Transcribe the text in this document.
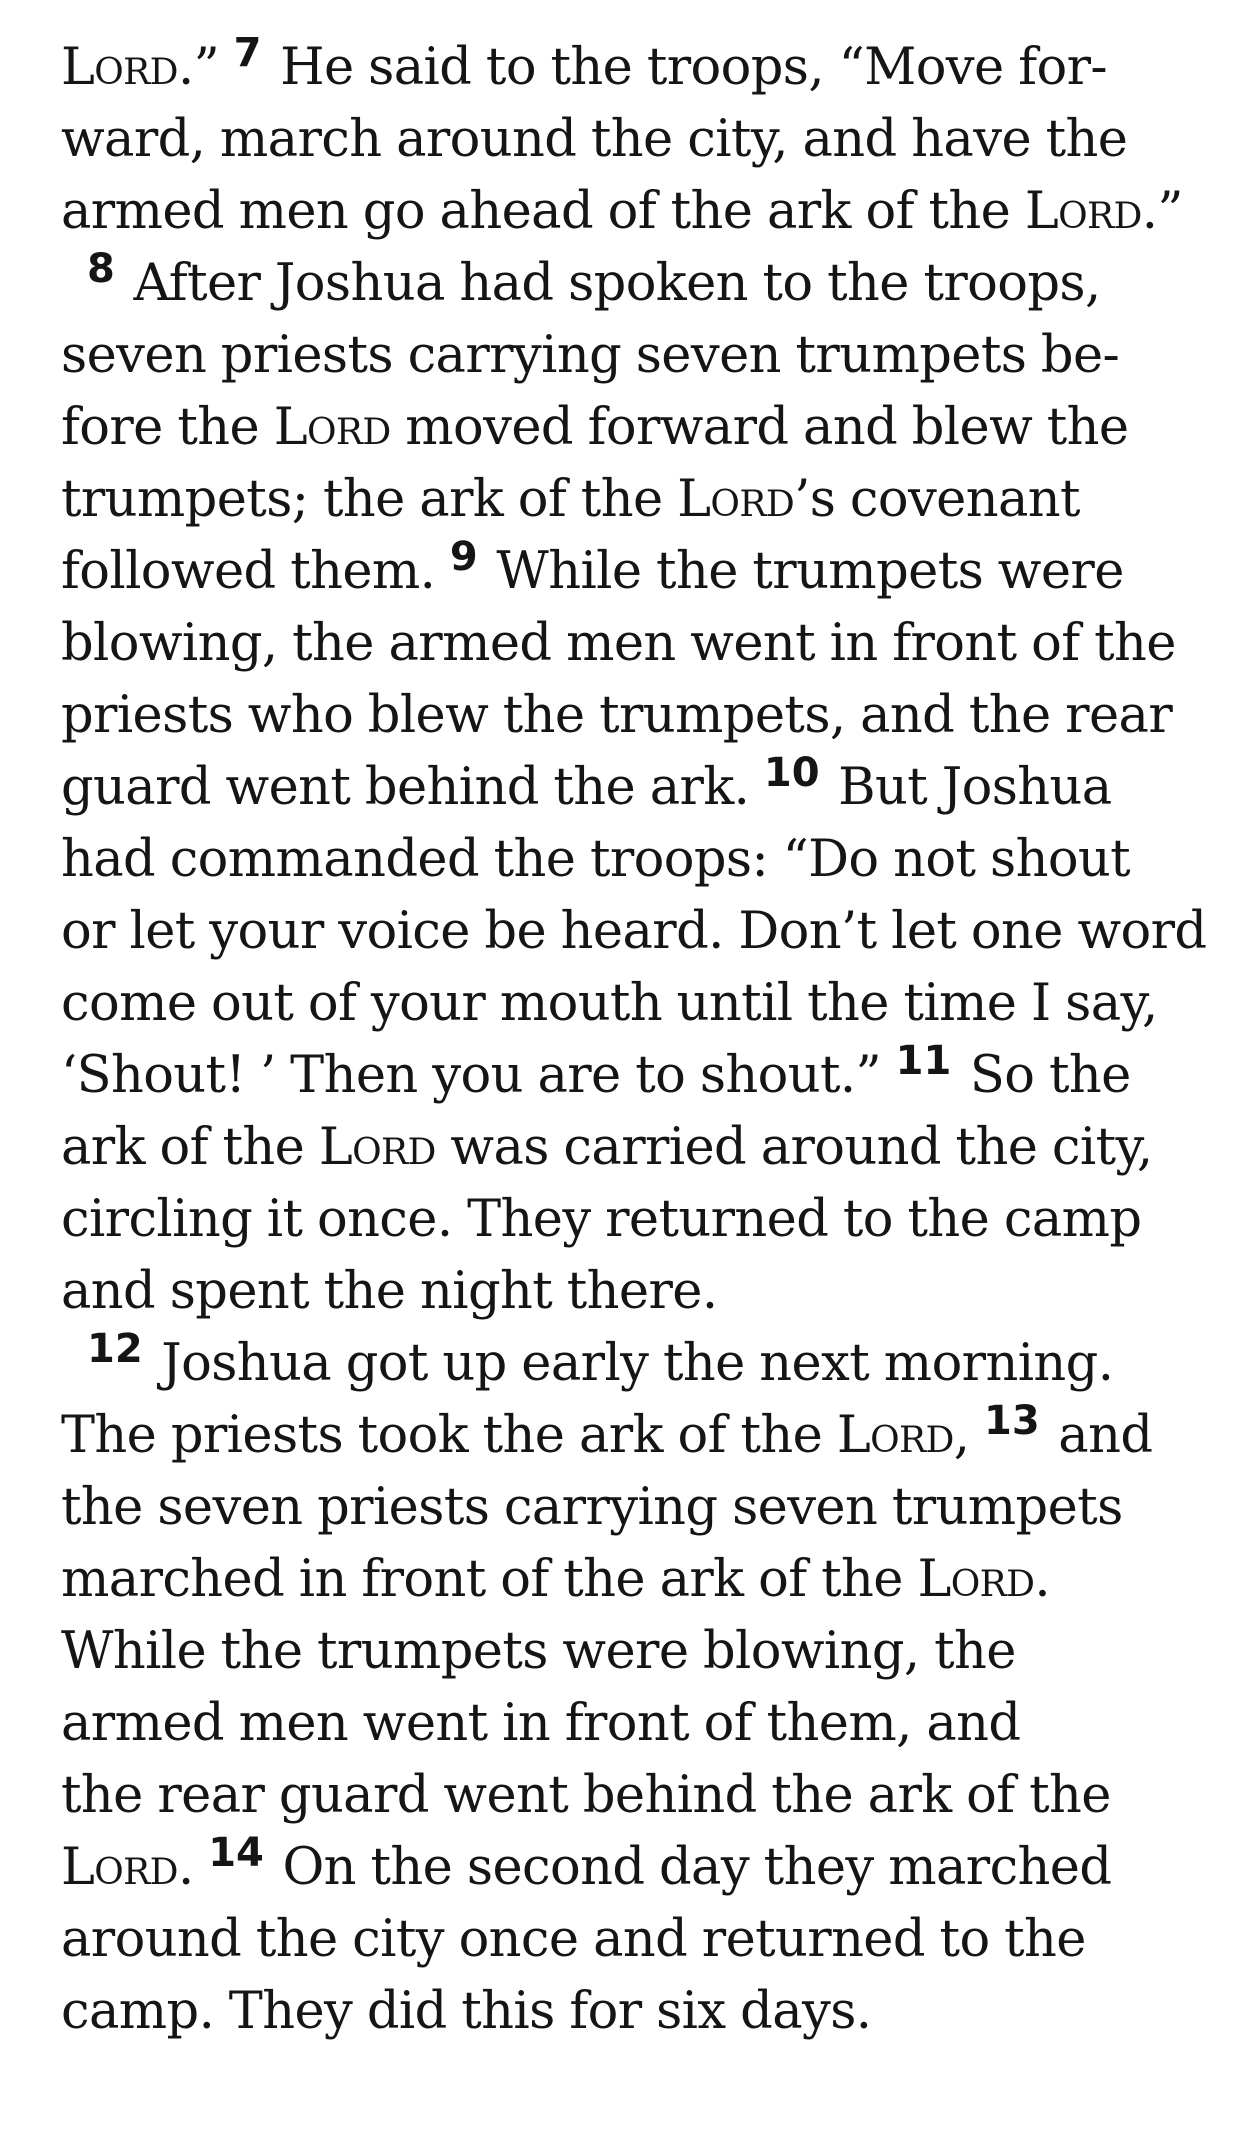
Lord.” $^7$ He said to the troops, “Move for-
ward, march around the city, and have the
armed men go ahead of the ark of the Lord.”
$^8$ After Joshua had spoken to the troops,
seven priests carrying seven trumpets be-
fore the Lord moved forward and blew the
trumpets; the ark of the Lord’s covenant
followed them. $^9$ While the trumpets were
blowing, the armed men went in front of the
priests who blew the trumpets, and the rear
guard went behind the ark. $^{10}$ But Joshua
had commanded the troops: “Do not shout
or let your voice be heard. Don’t let one word
come out of your mouth until the time I say,
‘Shout! ’ Then you are to shout.” $^{11}$ So the
ark of the Lord was carried around the city,
circling it once. They returned to the camp
and spent the night there.
$^{12}$ Joshua got up early the next morning.
The priests took the ark of the Lord, $^{13}$ and
the seven priests carrying seven trumpets
marched in front of the ark of the Lord.
While the trumpets were blowing, the
armed men went in front of them, and
the rear guard went behind the ark of the
Lord. $^{14}$ On the second day they marched
around the city once and returned to the
camp. They did this for six days.
